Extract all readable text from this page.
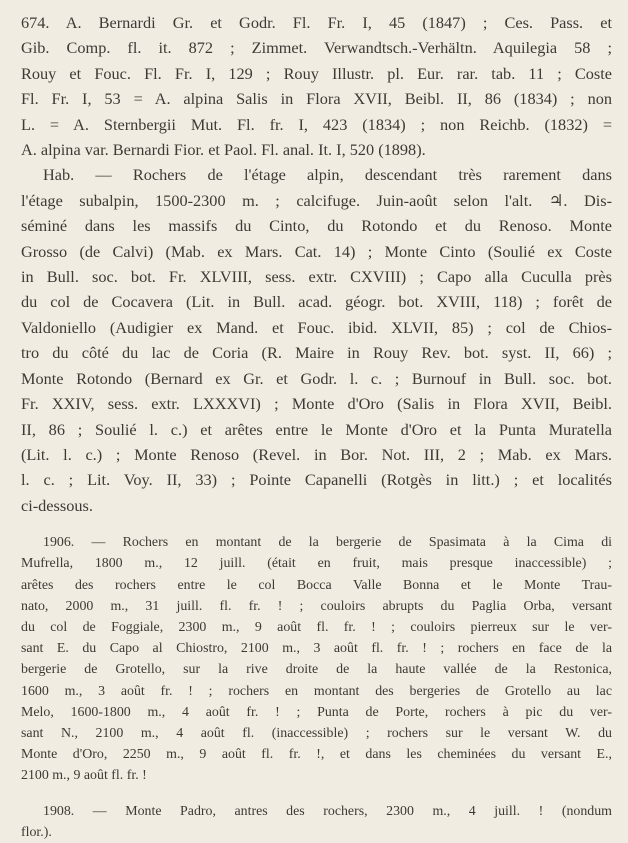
674. A. Bernardi Gr. et Godr. Fl. Fr. I, 45 (1847) ; Ces. Pass. et
Gib. Comp. fl. it. 872 ; Zimmet. Verwandtsch.-Verhältn. Aquilegia 58 ;
Rouy et Fouc. Fl. Fr. I, 129 ; Rouy Illustr. pl. Eur. rar. tab. 11 ; Coste
Fl. Fr. I, 53 = A. alpina Salis in Flora XVII, Beibl. II, 86 (1834) ; non
L. = A. Sternbergii Mut. Fl. fr. I, 423 (1834) ; non Reichb. (1832) =
A. alpina var. Bernardi Fior. et Paol. Fl. anal. It. I, 520 (1898).
Hab. — Rochers de l'étage alpin, descendant très rarement dans
l'étage subalpin, 1500-2300 m. ; calcifuge. Juin-août selon l'alt. ♃. Dis-
séminé dans les massifs du Cinto, du Rotondo et du Renoso. Monte
Grosso (de Calvi) (Mab. ex Mars. Cat. 14) ; Monte Cinto (Soulié ex Coste
in Bull. soc. bot. Fr. XLVIII, sess. extr. CXVIII) ; Capo alla Cuculla près
du col de Cocavera (Lit. in Bull. acad. géogr. bot. XVIII, 118) ; forêt de
Valdoniello (Audigier ex Mand. et Fouc. ibid. XLVII, 85) ; col de Chios-
tro du côté du lac de Coria (R. Maire in Rouy Rev. bot. syst. II, 66) ;
Monte Rotondo (Bernard ex Gr. et Godr. l. c. ; Burnouf in Bull. soc. bot.
Fr. XXIV, sess. extr. LXXXVI) ; Monte d'Oro (Salis in Flora XVII, Beibl.
II, 86 ; Soulié l. c.) et arêtes entre le Monte d'Oro et la Punta Muratella
(Lit. l. c.) ; Monte Renoso (Revel. in Bor. Not. III, 2 ; Mab. ex Mars.
l. c. ; Lit. Voy. II, 33) ; Pointe Capanelli (Rotgès in litt.) ; et localités
ci-dessous.
1906. — Rochers en montant de la bergerie de Spasimata à la Cima di
Mufrella, 1800 m., 12 juill. (était en fruit, mais presque inaccessible) ;
arêtes des rochers entre le col Bocca Valle Bonna et le Monte Trau-
nato, 2000 m., 31 juill. fl. fr. ! ; couloirs abrupts du Paglia Orba, versant
du col de Foggiale, 2300 m., 9 août fl. fr. ! ; couloirs pierreux sur le ver-
sant E. du Capo al Chiostro, 2100 m., 3 août fl. fr. ! ; rochers en face de la
bergerie de Grotello, sur la rive droite de la haute vallée de la Restonica,
1600 m., 3 août fr. ! ; rochers en montant des bergeries de Grotello au lac
Melo, 1600-1800 m., 4 août fr. ! ; Punta de Porte, rochers à pic du ver-
sant N., 2100 m., 4 août fl. (inaccessible) ; rochers sur le versant W. du
Monte d'Oro, 2250 m., 9 août fl. fr. !, et dans les cheminées du versant E.,
2100 m., 9 août fl. fr. !
1908. — Monte Padro, antres des rochers, 2300 m., 4 juill. ! (nondum
flor.).
